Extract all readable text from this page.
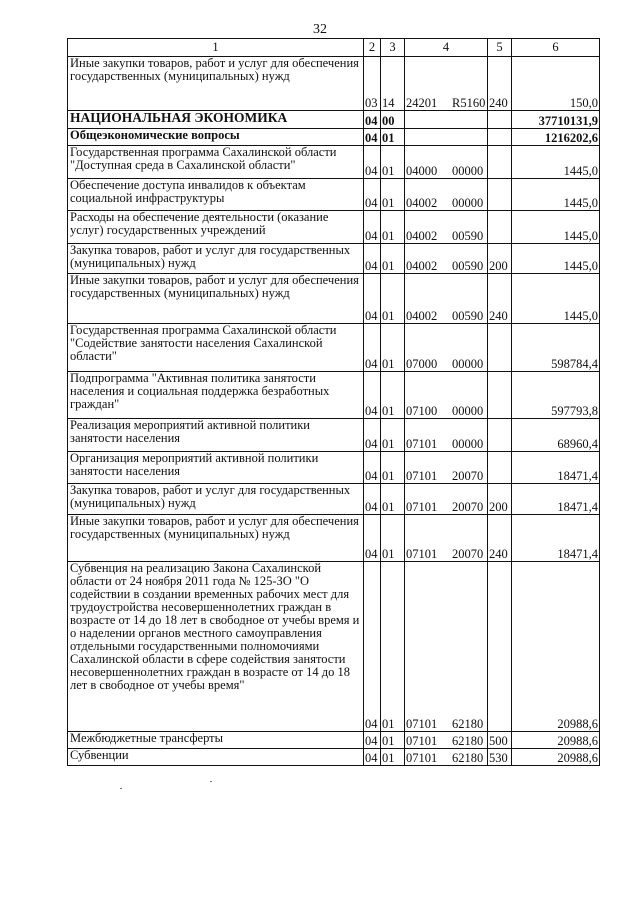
32
1	2	3	4	5	6
Иные закупки товаров, работ и услуг для обеспечения государственных (муниципальных) нужд	03	14	24201 R5160	240	150,0
НАЦИОНАЛЬНАЯ ЭКОНОМИКА	04	00			37710131,9
Общеэкономические вопросы	04	01			1216202,6
Государственная программа Сахалинской области "Доступная среда в Сахалинской области"	04	01	04000 00000		1445,0
Обеспечение доступа инвалидов к объектам социальной инфраструктуры	04	01	04002 00000		1445,0
Расходы на обеспечение деятельности (оказание услуг) государственных учреждений	04	01	04002 00590		1445,0
Закупка товаров, работ и услуг для государственных (муниципальных) нужд	04	01	04002 00590	200	1445,0
Иные закупки товаров, работ и услуг для обеспечения государственных (муниципальных) нужд	04	01	04002 00590	240	1445,0
Государственная программа Сахалинской области "Содействие занятости населения Сахалинской области"	04	01	07000 00000		598784,4
Подпрограмма "Активная политика занятости населения и социальная поддержка безработных граждан"	04	01	07100 00000		597793,8
Реализация мероприятий активной политики занятости населения	04	01	07101 00000		68960,4
Организация мероприятий активной политики занятости населения	04	01	07101 20070		18471,4
Закупка товаров, работ и услуг для государственных (муниципальных) нужд	04	01	07101 20070	200	18471,4
Иные закупки товаров, работ и услуг для обеспечения государственных (муниципальных) нужд	04	01	07101 20070	240	18471,4
Субвенция на реализацию Закона Сахалинской области от 24 ноября 2011 года № 125-ЗО "О содействии в создании временных рабочих мест для трудоустройства несовершеннолетних граждан в возрасте от 14 до 18 лет в свободное от учебы время и о наделении органов местного самоуправления отдельными государственными полномочиями Сахалинской области в сфере содействия занятости несовершеннолетних граждан в возрасте от 14 до 18 лет в свободное от учебы время"	04	01	07101 62180		20988,6
Межбюджетные трансферты	04	01	07101 62180	500	20988,6
Субвенции	04	01	07101 62180	530	20988,6
